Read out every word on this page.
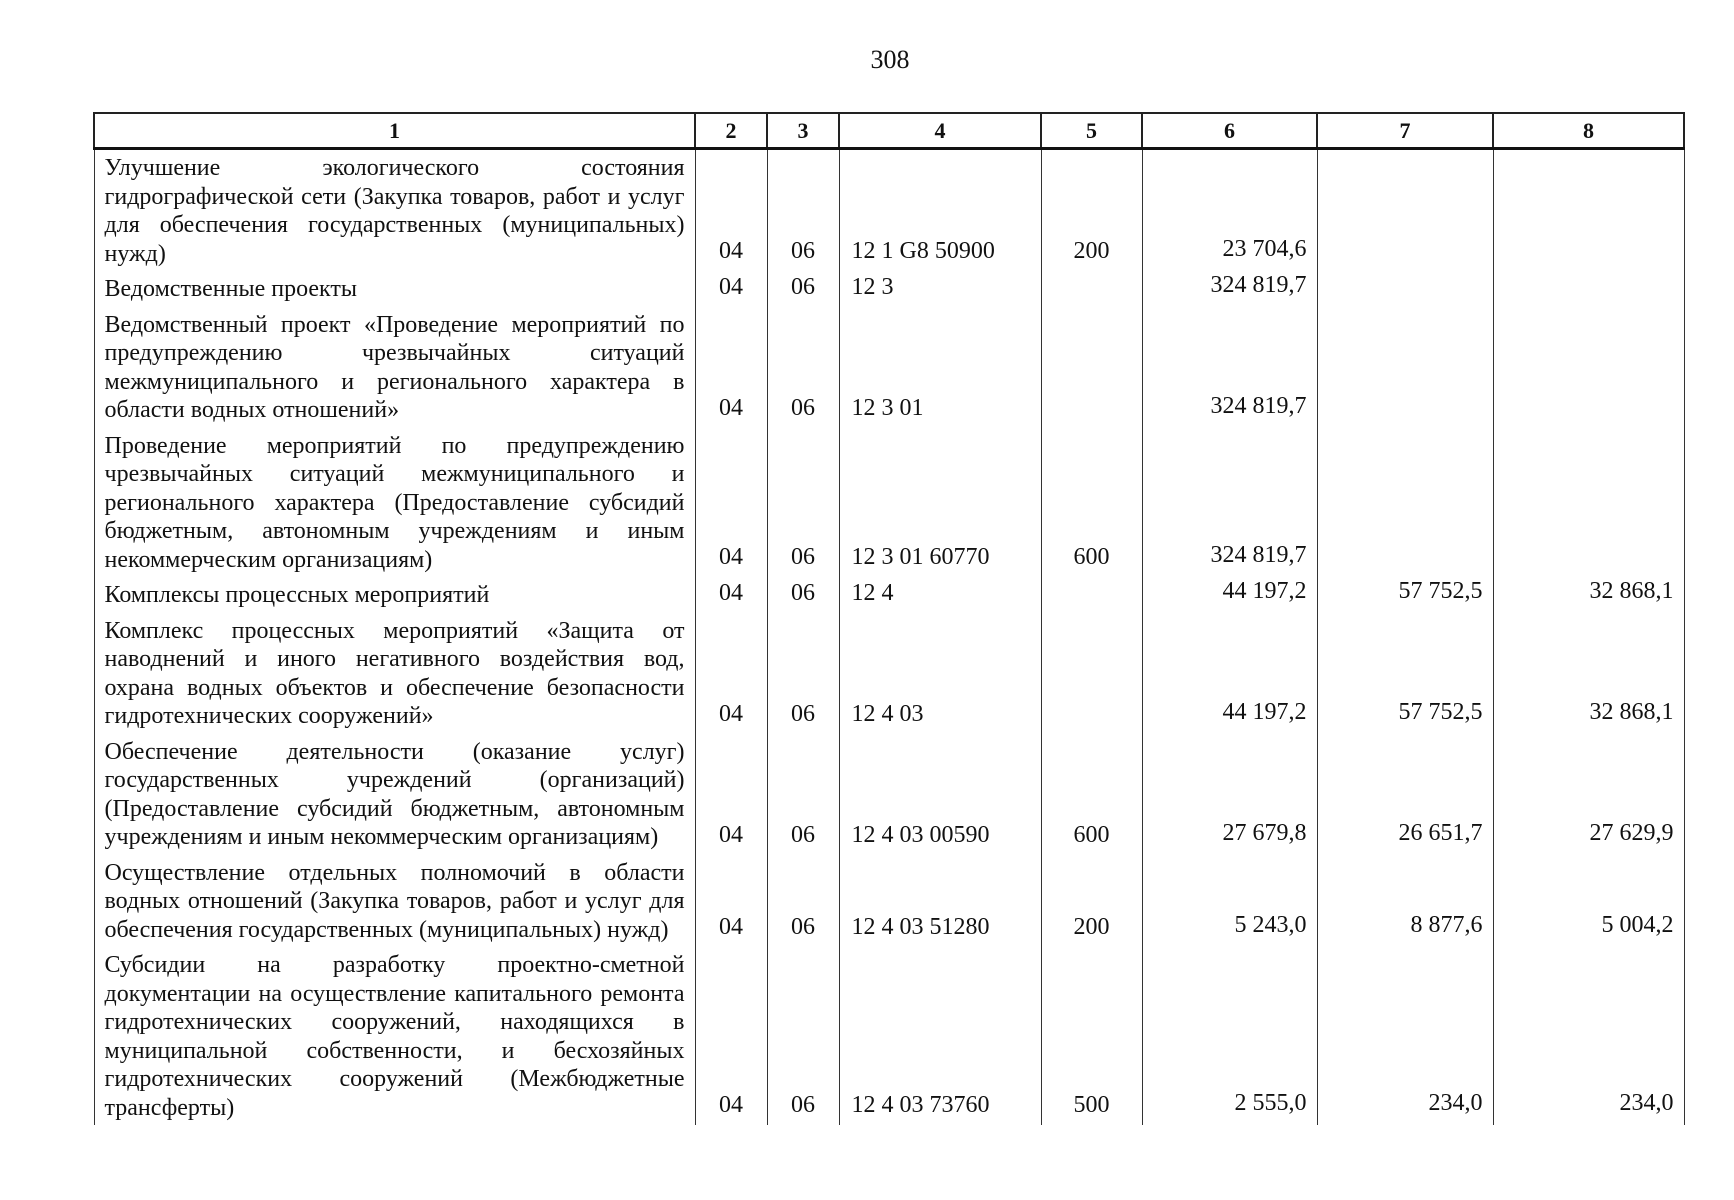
308
1	2	3	4	5	6	7	8
Улучшение экологического состояния гидрографической сети (Закупка товаров, работ и услуг для обеспечения государственных (муниципальных) нужд)	04	06	12 1 G8 50900	200	23 704,6		
Ведомственные проекты	04	06	12 3		324 819,7		
Ведомственный проект «Проведение мероприятий по предупреждению чрезвычайных ситуаций межмуниципального и регионального характера в области водных отношений»	04	06	12 3 01		324 819,7		
Проведение мероприятий по предупреждению чрезвычайных ситуаций межмуниципального и регионального характера (Предоставление субсидий бюджетным, автономным учреждениям и иным некоммерческим организациям)	04	06	12 3 01 60770	600	324 819,7		
Комплексы процессных мероприятий	04	06	12 4		44 197,2	57 752,5	32 868,1
Комплекс процессных мероприятий «Защита от наводнений и иного негативного воздействия вод, охрана водных объектов и обеспечение безопасности гидротехнических сооружений»	04	06	12 4 03		44 197,2	57 752,5	32 868,1
Обеспечение деятельности (оказание услуг) государственных учреждений (организаций) (Предоставление субсидий бюджетным, автономным учреждениям и иным некоммерческим организациям)	04	06	12 4 03 00590	600	27 679,8	26 651,7	27 629,9
Осуществление отдельных полномочий в области водных отношений (Закупка товаров, работ и услуг для обеспечения государственных (муниципальных) нужд)	04	06	12 4 03 51280	200	5 243,0	8 877,6	5 004,2
Субсидии на разработку проектно-сметной документации на осуществление капитального ремонта гидротехнических сооружений, находящихся в муниципальной собственности, и бесхозяйных гидротехнических сооружений (Межбюджетные трансферты)	04	06	12 4 03 73760	500	2 555,0	234,0	234,0
